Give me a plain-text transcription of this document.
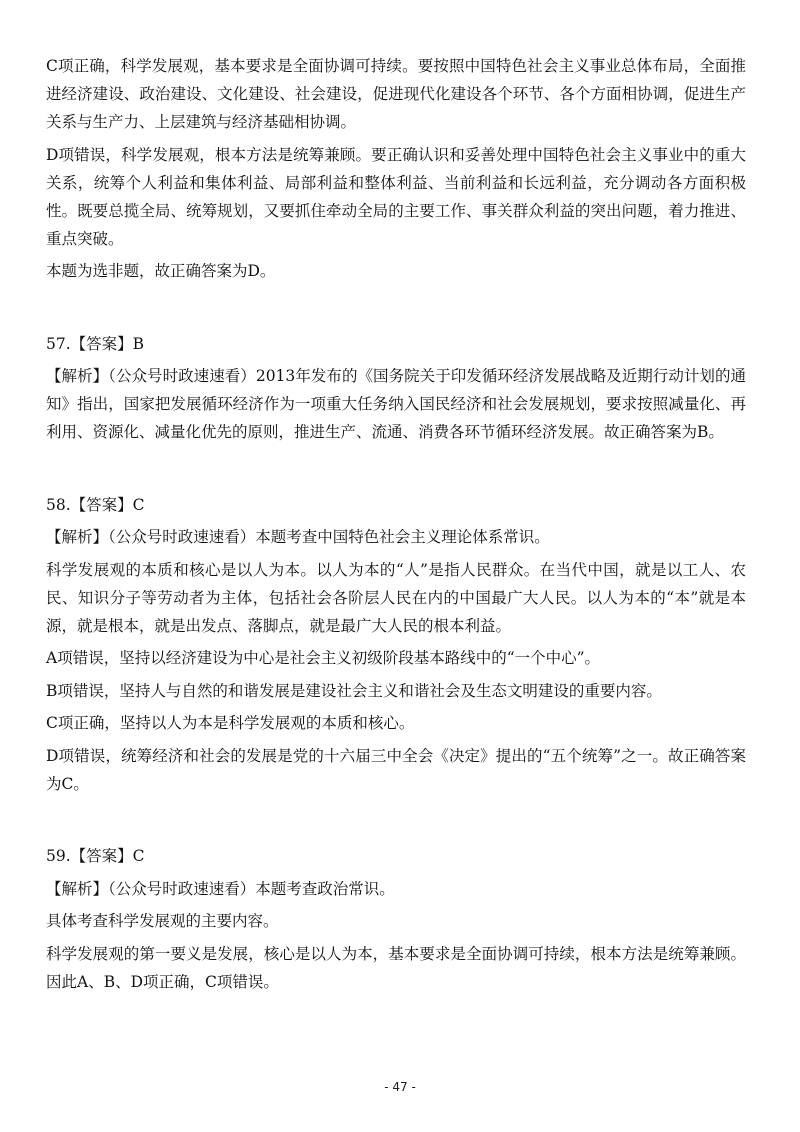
C项正确，科学发展观，基本要求是全面协调可持续。要按照中国特色社会主义事业总体布局，全面推进经济建设、政治建设、文化建设、社会建设，促进现代化建设各个环节、各个方面相协调，促进生产关系与生产力、上层建筑与经济基础相协调。

D项错误，科学发展观，根本方法是统筹兼顾。要正确认识和妥善处理中国特色社会主义事业中的重大关系，统筹个人利益和集体利益、局部利益和整体利益、当前利益和长远利益，充分调动各方面积极性。既要总揽全局、统筹规划，又要抓住牵动全局的主要工作、事关群众利益的突出问题，着力推进、重点突破。

本题为选非题，故正确答案为D。

57.【答案】B

【解析】（公众号时政速速看）2013年发布的《国务院关于印发循环经济发展战略及近期行动计划的通知》指出，国家把发展循环经济作为一项重大任务纳入国民经济和社会发展规划，要求按照减量化、再利用、资源化、减量化优先的原则，推进生产、流通、消费各环节循环经济发展。故正确答案为B。

58.【答案】C

【解析】（公众号时政速速看）本题考查中国特色社会主义理论体系常识。

科学发展观的本质和核心是以人为本。以人为本的“人”是指人民群众。在当代中国，就是以工人、农民、知识分子等劳动者为主体，包括社会各阶层人民在内的中国最广大人民。以人为本的“本”就是本源，就是根本，就是出发点、落脚点，就是最广大人民的根本利益。

A项错误，坚持以经济建设为中心是社会主义初级阶段基本路线中的“一个中心”。

B项错误，坚持人与自然的和谐发展是建设社会主义和谐社会及生态文明建设的重要内容。

C项正确，坚持以人为本是科学发展观的本质和核心。

D项错误，统筹经济和社会的发展是党的十六届三中全会《决定》提出的“五个统筹”之一。故正确答案为C。

59.【答案】C

【解析】（公众号时政速速看）本题考查政治常识。

具体考查科学发展观的主要内容。

科学发展观的第一要义是发展，核心是以人为本，基本要求是全面协调可持续，根本方法是统筹兼顾。因此A、B、D项正确，C项错误。

- 47 -
